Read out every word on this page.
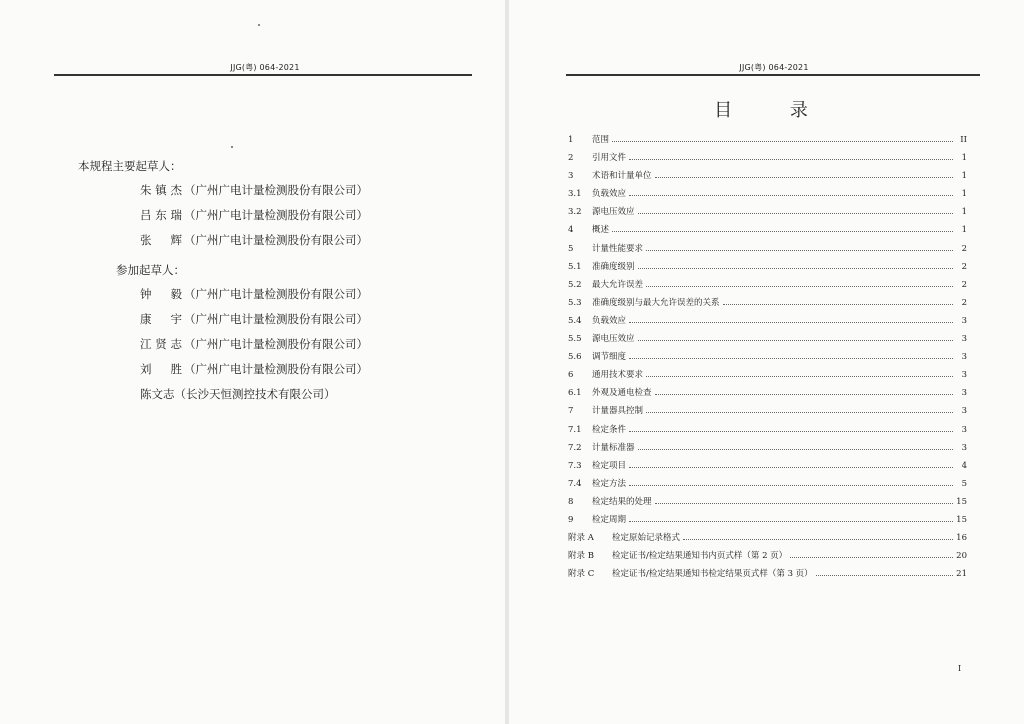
JJG(粤) 064-2021
本规程主要起草人：
朱镇杰 （广州广电计量检测股份有限公司）
吕东瑞 （广州广电计量检测股份有限公司）
张　辉 （广州广电计量检测股份有限公司）
参加起草人：
钟　毅 （广州广电计量检测股份有限公司）
康　宇 （广州广电计量检测股份有限公司）
江贤志 （广州广电计量检测股份有限公司）
刘　胜 （广州广电计量检测股份有限公司）
陈文志（长沙天恒测控技术有限公司）
JJG(粤) 064-2021
目 录
1	范围	II
2	引用文件	1
3	术语和计量单位	1
3.1	负载效应	1
3.2	源电压效应	1
4	概述	1
5	计量性能要求	2
5.1	准确度级别	2
5.2	最大允许误差	2
5.3	准确度级别与最大允许误差的关系	2
5.4	负载效应	3
5.5	源电压效应	3
5.6	调节细度	3
6	通用技术要求	3
6.1	外观及通电检查	3
7	计量器具控制	3
7.1	检定条件	3
7.2	计量标准器	3
7.3	检定项目	4
7.4	检定方法	5
8	检定结果的处理	15
9	检定周期	15
附录 A	检定原始记录格式	16
附录 B	检定证书/检定结果通知书内页式样（第 2 页）	20
附录 C	检定证书/检定结果通知书检定结果页式样（第 3 页）	21
I
